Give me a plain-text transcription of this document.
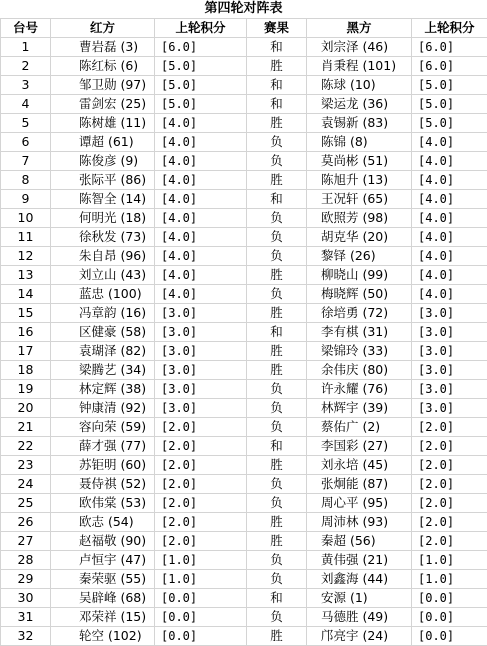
第四轮对阵表
台号	红方	上轮积分	赛果	黑方	上轮积分
1	曹岩磊 (3)	[6.0]	和	刘宗泽 (46)	[6.0]
2	陈红标 (6)	[5.0]	胜	肖秉程 (101)	[6.0]
3	邹卫勋 (97)	[5.0]	和	陈球 (10)	[5.0]
4	雷剑宏 (25)	[5.0]	和	梁运龙 (36)	[5.0]
5	陈树雄 (11)	[4.0]	胜	袁锡新 (83)	[5.0]
6	谭超 (61)	[4.0]	负	陈锦 (8)	[4.0]
7	陈俊彦 (9)	[4.0]	负	莫尚彬 (51)	[4.0]
8	张际平 (86)	[4.0]	胜	陈旭升 (13)	[4.0]
9	陈智全 (14)	[4.0]	和	王况轩 (65)	[4.0]
10	何明光 (18)	[4.0]	负	欧照芳 (98)	[4.0]
11	徐秋发 (73)	[4.0]	负	胡克华 (20)	[4.0]
12	朱自昂 (96)	[4.0]	负	黎铎 (26)	[4.0]
13	刘立山 (43)	[4.0]	胜	柳晓山 (99)	[4.0]
14	蓝忠 (100)	[4.0]	负	梅晓辉 (50)	[4.0]
15	冯章韵 (16)	[3.0]	胜	徐培勇 (72)	[3.0]
16	区健豪 (58)	[3.0]	和	李有棋 (31)	[3.0]
17	袁瑚泽 (82)	[3.0]	胜	梁锦玲 (33)	[3.0]
18	梁腾艺 (34)	[3.0]	胜	余伟庆 (80)	[3.0]
19	林定辉 (38)	[3.0]	负	许永耀 (76)	[3.0]
20	钟康清 (92)	[3.0]	负	林辉宇 (39)	[3.0]
21	容向荣 (59)	[2.0]	负	蔡佑广 (2)	[2.0]
22	薛才强 (77)	[2.0]	和	李国彩 (27)	[2.0]
23	苏钜明 (60)	[2.0]	胜	刘永培 (45)	[2.0]
24	聂侍祺 (52)	[2.0]	负	张炯能 (87)	[2.0]
25	欧伟棠 (53)	[2.0]	负	周心平 (95)	[2.0]
26	欧志 (54)	[2.0]	胜	周沛林 (93)	[2.0]
27	赵福敬 (90)	[2.0]	胜	秦超 (56)	[2.0]
28	卢恒宇 (47)	[1.0]	负	黄伟强 (21)	[1.0]
29	秦荣驱 (55)	[1.0]	负	刘鑫海 (44)	[1.0]
30	吴辟峰 (68)	[0.0]	和	安源 (1)	[0.0]
31	邓荣祥 (15)	[0.0]	负	马德胜 (49)	[0.0]
32	轮空 (102)	[0.0]	胜	邝亮宇 (24)	[0.0]
